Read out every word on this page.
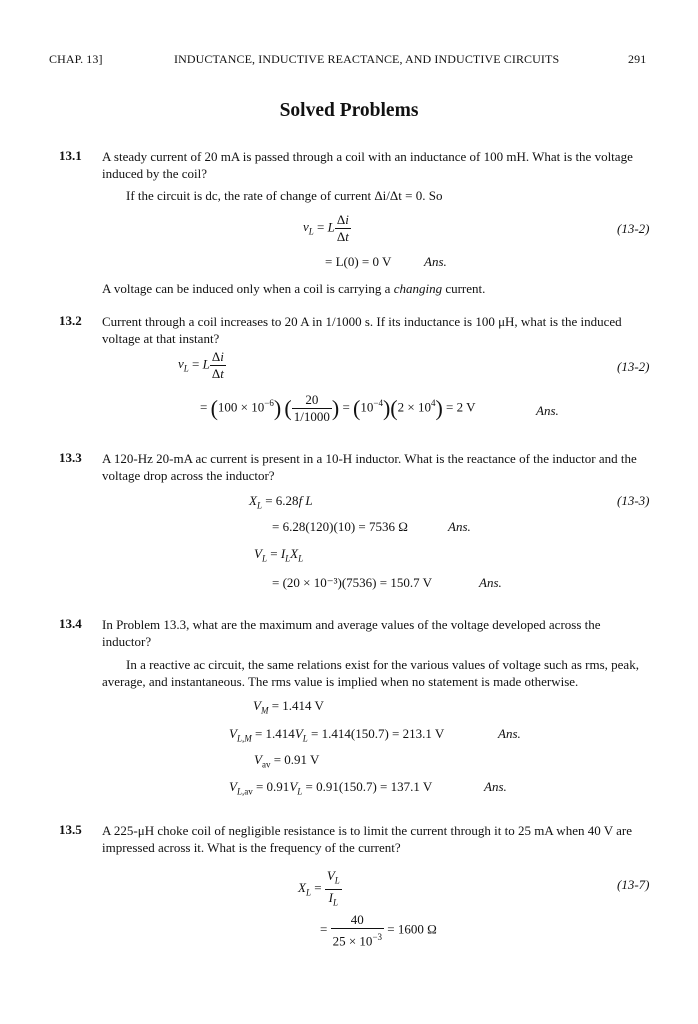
CHAP. 13]	INDUCTANCE, INDUCTIVE REACTANCE, AND INDUCTIVE CIRCUITS	291
Solved Problems
13.1 A steady current of 20 mA is passed through a coil with an inductance of 100 mH. What is the voltage induced by the coil?
If the circuit is dc, the rate of change of current Δi/Δt = 0. So
$v_L = L \frac{\Delta i}{\Delta t}$	(13-2)
= L(0) = 0 V	Ans.
A voltage can be induced only when a coil is carrying a changing current.
13.2 Current through a coil increases to 20 A in 1/1000 s. If its inductance is 100 μH, what is the induced voltage at that instant?
$v_L = L \frac{\Delta i}{\Delta t}$	(13-2)
= $(100 \times 10^{-6})$ ( $\frac{20}{1/1000}$ ) = $(10^{-4})(2 \times 10^4) = 2$ V	Ans.
13.3 A 120-Hz 20-mA ac current is present in a 10-H inductor. What is the reactance of the inductor and the voltage drop across the inductor?
$X_L = 6.28f$ L	(13-3)
= 6.28(120)(10) = 7536 Ω	Ans.
$V_L = I_LX_L$
= (20 × 10⁻³)(7536) = 150.7 V	Ans.
13.4 In Problem 13.3, what are the maximum and average values of the voltage developed across the inductor?
In a reactive ac circuit, the same relations exist for the various values of voltage such as rms, peak, average, and instantaneous. The rms value is implied when no statement is made otherwise.
$V_M = 1.414$ V
$V_{L,M} = 1.414V_L = 1.414(150.7) = 213.1$ V	Ans.
$V_{av} = 0.91$ V
$V_{L,av} = 0.91V_L = 0.91(150.7) = 137.1$ V	Ans.
13.5 A 225-μH choke coil of negligible resistance is to limit the current through it to 25 mA when 40 V are impressed across it. What is the frequency of the current?
$X_L = \frac{V_L}{I_L}$	(13-7)
= $\frac{40}{25 \times 10^{-3}} = 1600$ Ω
